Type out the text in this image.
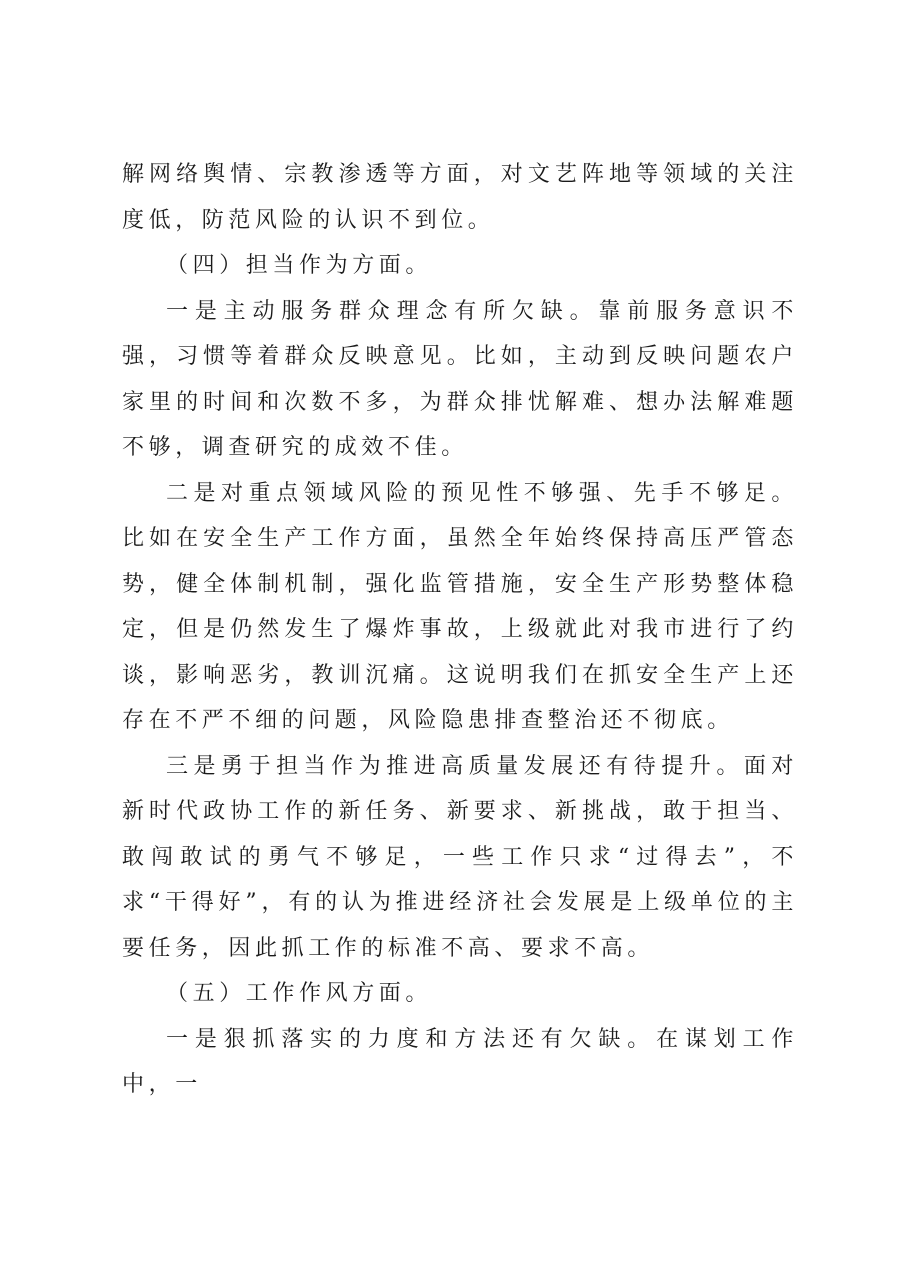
解网络舆情、宗教渗透等方面，对文艺阵地等领域的关注度低，防范风险的认识不到位。

（四）担当作为方面。

一是主动服务群众理念有所欠缺。靠前服务意识不强，习惯等着群众反映意见。比如，主动到反映问题农户家里的时间和次数不多，为群众排忧解难、想办法解难题不够，调查研究的成效不佳。

二是对重点领域风险的预见性不够强、先手不够足。比如在安全生产工作方面，虽然全年始终保持高压严管态势，健全体制机制，强化监管措施，安全生产形势整体稳定，但是仍然发生了爆炸事故，上级就此对我市进行了约谈，影响恶劣，教训沉痛。这说明我们在抓安全生产上还存在不严不细的问题，风险隐患排查整治还不彻底。

三是勇于担当作为推进高质量发展还有待提升。面对新时代政协工作的新任务、新要求、新挑战，敢于担当、敢闯敢试的勇气不够足，一些工作只求“过得去”，不求“干得好”，有的认为推进经济社会发展是上级单位的主要任务，因此抓工作的标准不高、要求不高。

（五）工作作风方面。

一是狠抓落实的力度和方法还有欠缺。在谋划工作中，一
